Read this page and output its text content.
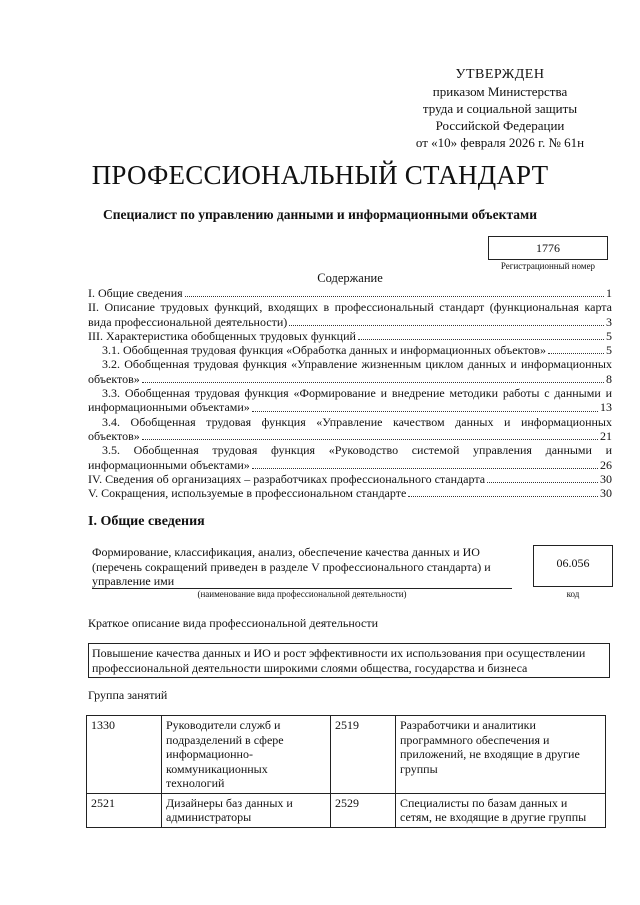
УТВЕРЖДЕН
приказом Министерства
труда и социальной защиты
Российской Федерации
от «10» февраля 2026 г. № 61н
ПРОФЕССИОНАЛЬНЫЙ СТАНДАРТ
Специалист по управлению данными и информационными объектами
1776
Регистрационный номер
Содержание
I. Общие сведения	1
II. Описание трудовых функций, входящих в профессиональный стандарт (функциональная карта
вида профессиональной деятельности)	3
III. Характеристика обобщенных трудовых функций	5
3.1. Обобщенная трудовая функция «Обработка данных и информационных объектов»	5
3.2. Обобщенная трудовая функция «Управление жизненным циклом данных и информационных
объектов»	8
3.3. Обобщенная трудовая функция «Формирование и внедрение методики работы с данными и
информационными объектами»	13
3.4. Обобщенная трудовая функция «Управление качеством данных и информационных
объектов»	21
3.5. Обобщенная трудовая функция «Руководство системой управления данными и
информационными объектами»	26
IV. Сведения об организациях – разработчиках профессионального стандарта	30
V. Сокращения, используемые в профессиональном стандарте	30
I. Общие сведения
Формирование, классификация, анализ, обеспечение качества данных и ИО (перечень сокращений приведен в разделе V профессионального стандарта) и управление ими
06.056
(наименование вида профессиональной деятельности)	код
Краткое описание вида профессиональной деятельности
Повышение качества данных и ИО и рост эффективности их использования при осуществлении профессиональной деятельности широкими слоями общества, государства и бизнеса
Группа занятий
1330	Руководители служб и подразделений в сфере информационно-коммуникационных технологий	2519	Разработчики и аналитики программного обеспечения и приложений, не входящие в другие группы
2521	Дизайнеры баз данных и администраторы	2529	Специалисты по базам данных и сетям, не входящие в другие группы
